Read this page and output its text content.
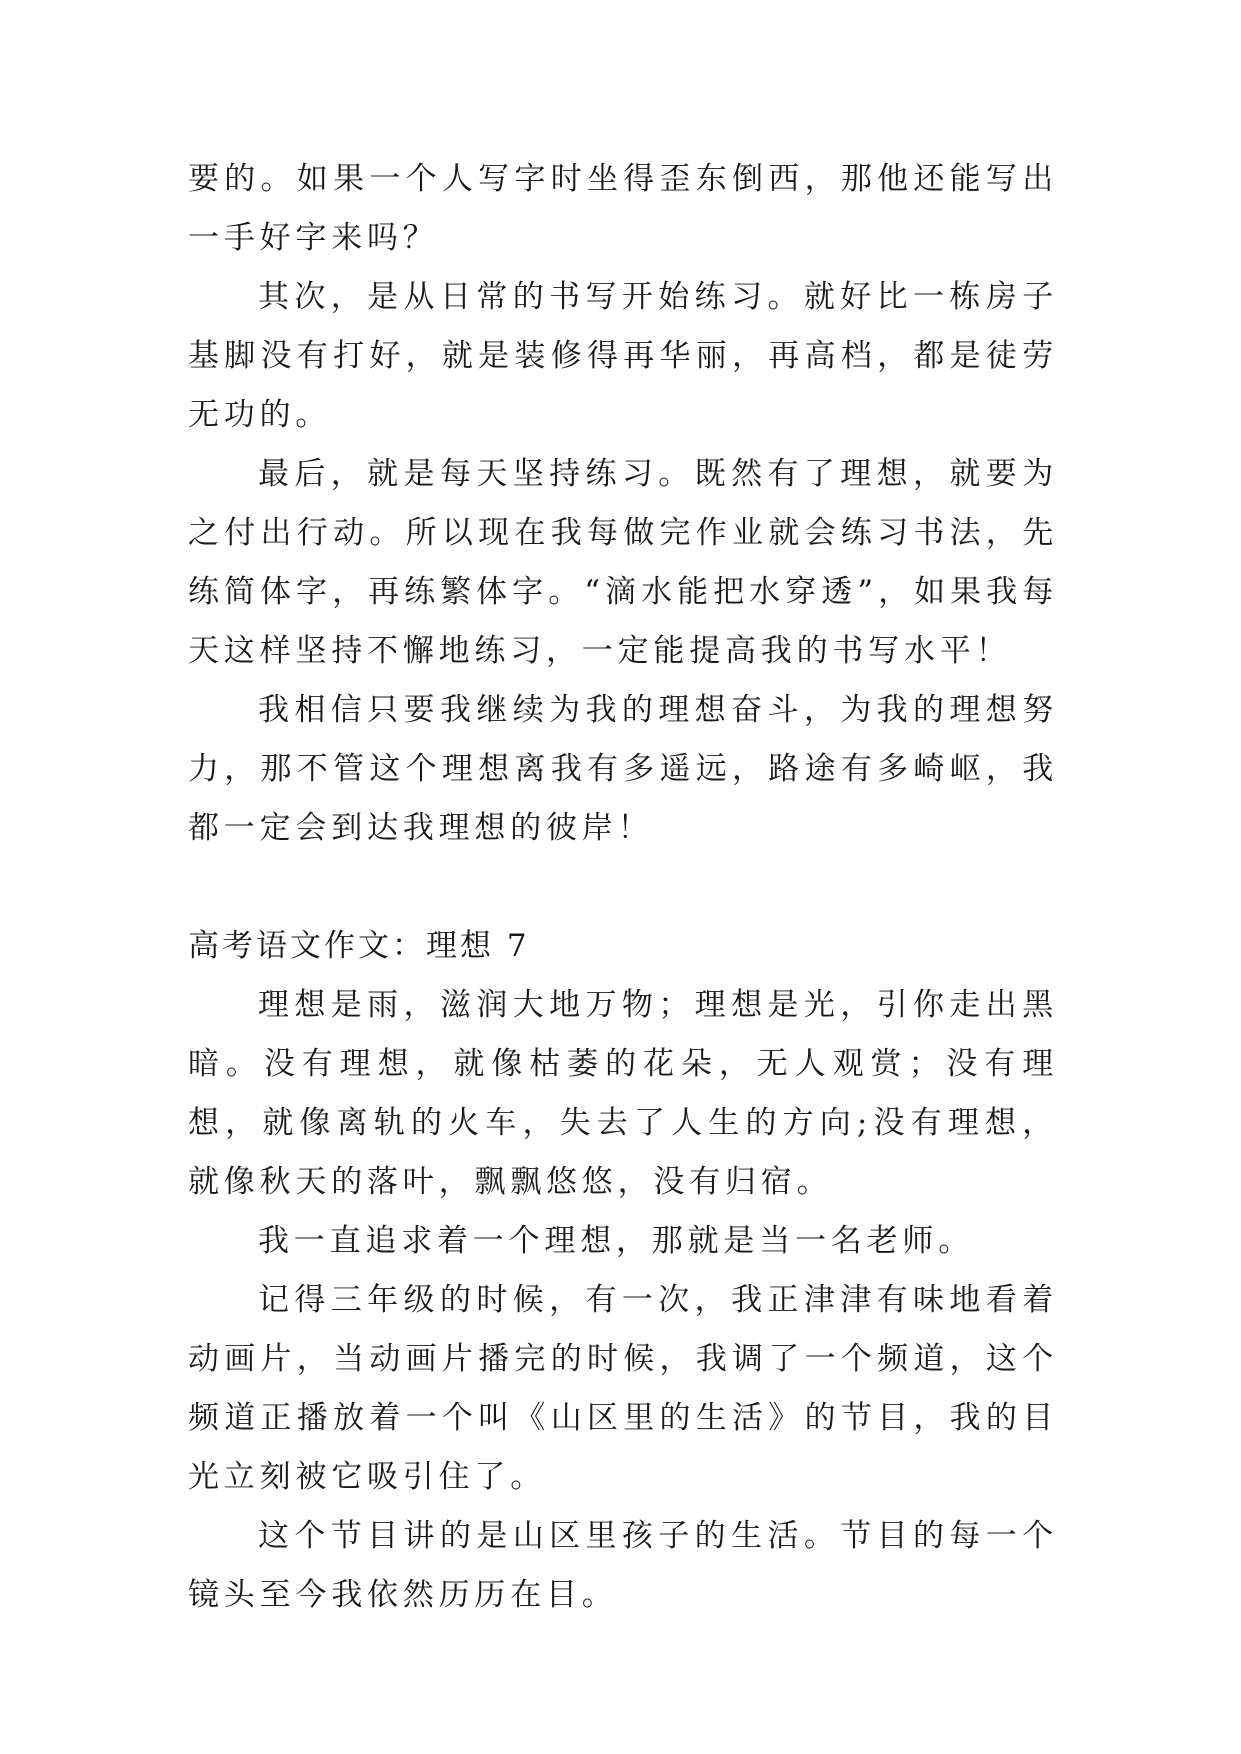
要的。如果一个人写字时坐得歪东倒西，那他还能写出一手好字来吗？

其次，是从日常的书写开始练习。就好比一栋房子基脚没有打好，就是装修得再华丽，再高档，都是徒劳无功的。

最后，就是每天坚持练习。既然有了理想，就要为之付出行动。所以现在我每做完作业就会练习书法，先练简体字，再练繁体字。“滴水能把水穿透”，如果我每天这样坚持不懈地练习，一定能提高我的书写水平！

我相信只要我继续为我的理想奋斗，为我的理想努力，那不管这个理想离我有多遥远，路途有多崎岖，我都一定会到达我理想的彼岸！

高考语文作文：理想 7

理想是雨，滋润大地万物；理想是光，引你走出黑暗。没有理想，就像枯萎的花朵，无人观赏；没有理想，就像离轨的火车，失去了人生的方向;没有理想，就像秋天的落叶，飘飘悠悠，没有归宿。

我一直追求着一个理想，那就是当一名老师。

记得三年级的时候，有一次，我正津津有味地看着动画片，当动画片播完的时候，我调了一个频道，这个频道正播放着一个叫《山区里的生活》的节目，我的目光立刻被它吸引住了。

这个节目讲的是山区里孩子的生活。节目的每一个镜头至今我依然历历在目。
